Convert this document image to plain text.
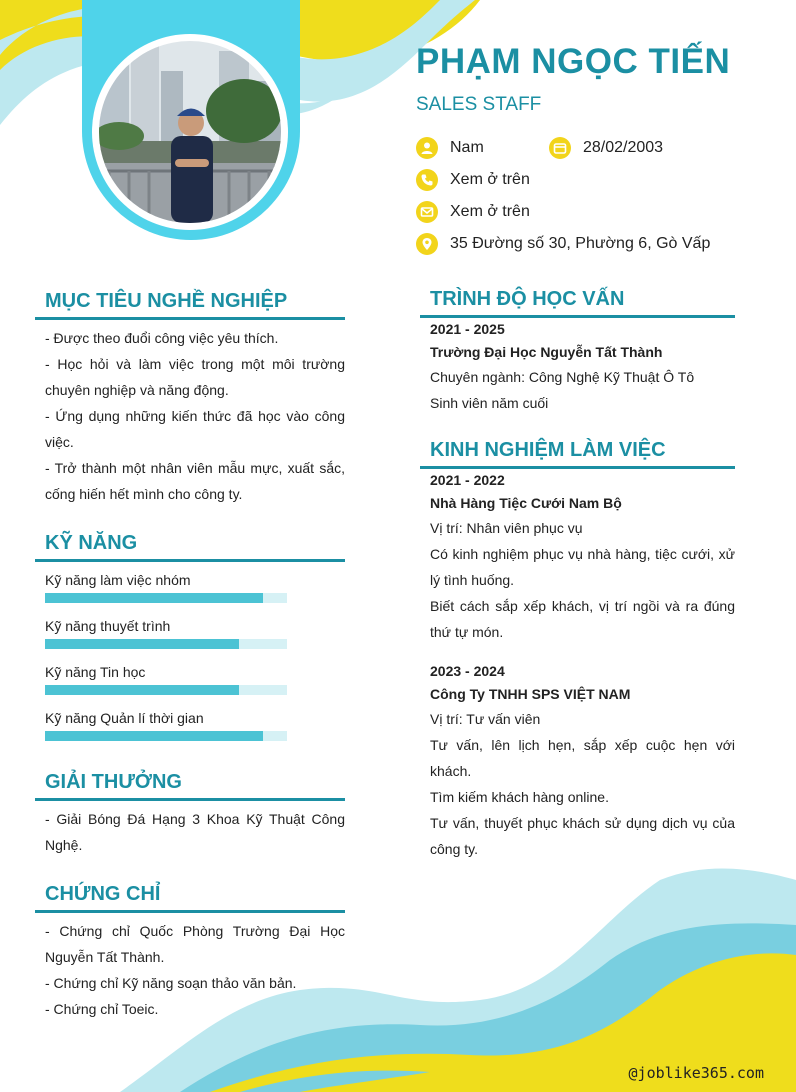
PHẠM NGỌC TIẾN
SALES STAFF
Nam	28/02/2003
Xem ở trên
Xem ở trên
35 Đường số 30, Phường 6, Gò Vấp
MỤC TIÊU NGHỀ NGHIỆP
- Được theo đuổi công việc yêu thích.
- Học hỏi và làm việc trong một môi trường chuyên nghiệp và năng động.
- Ứng dụng những kiến thức đã học vào công việc.
- Trở thành một nhân viên mẫu mực, xuất sắc, cống hiến hết mình cho công ty.
KỸ NĂNG
Kỹ năng làm việc nhóm
Kỹ năng thuyết trình
Kỹ năng Tin học
Kỹ năng Quản lí thời gian
GIẢI THƯỞNG
- Giải Bóng Đá Hạng 3 Khoa Kỹ Thuật Công Nghệ.
CHỨNG CHỈ
- Chứng chỉ Quốc Phòng Trường Đại Học Nguyễn Tất Thành.
- Chứng chỉ Kỹ năng soạn thảo văn bản.
- Chứng chỉ Toeic.
TRÌNH ĐỘ HỌC VẤN
2021 - 2025
Trường Đại Học Nguyễn Tất Thành
Chuyên ngành: Công Nghệ Kỹ Thuật Ô Tô
Sinh viên năm cuối
KINH NGHIỆM LÀM VIỆC
2021 - 2022
Nhà Hàng Tiệc Cưới Nam Bộ
Vị trí: Nhân viên phục vụ
Có kinh nghiệm phục vụ nhà hàng, tiệc cưới, xử lý tình huống.
Biết cách sắp xếp khách, vị trí ngồi và ra đúng thứ tự món.
2023 - 2024
Công Ty TNHH SPS VIỆT NAM
Vị trí: Tư vấn viên
Tư vấn, lên lịch hẹn, sắp xếp cuộc hẹn với khách.
Tìm kiếm khách hàng online.
Tư vấn, thuyết phục khách sử dụng dịch vụ của công ty.
@joblike365.com
